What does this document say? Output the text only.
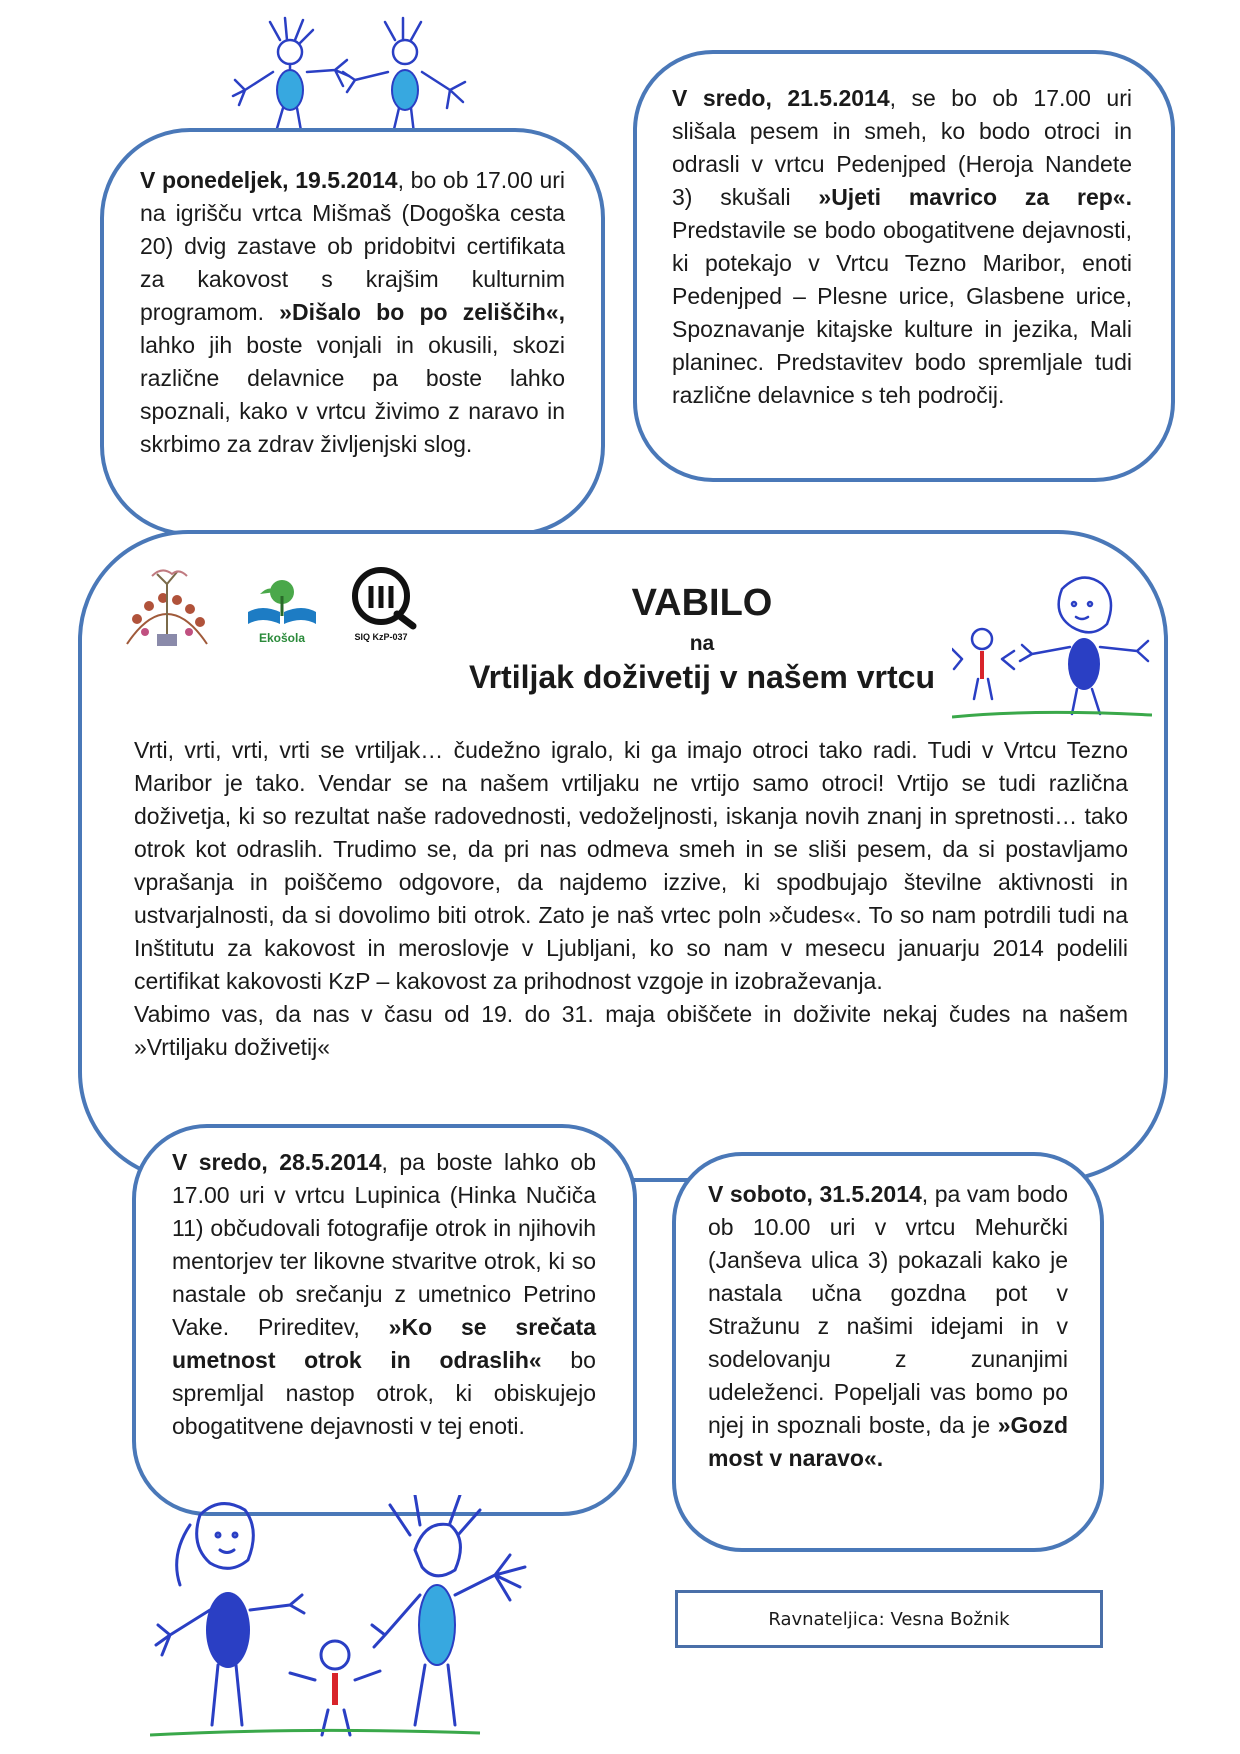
V ponedeljek, 19.5.2014, bo ob 17.00 uri na igrišču vrtca Mišmaš (Dogoška cesta 20) dvig zastave ob pridobitvi certifikata za kakovost s krajšim kulturnim programom. »Dišalo bo po zeliščih«, lahko jih boste vonjali in okusili, skozi različne delavnice pa boste lahko spoznali, kako v vrtcu živimo z naravo in skrbimo za zdrav življenjski slog.
V sredo, 21.5.2014, se bo ob 17.00 uri slišala pesem in smeh, ko bodo otroci in odrasli v vrtcu Pedenjped (Heroja Nandete 3) skušali »Ujeti mavrico za rep«. Predstavile se bodo obogatitvene dejavnosti, ki potekajo v Vrtcu Tezno Maribor, enoti Pedenjped – Plesne urice, Glasbene urice, Spoznavanje kitajske kulture in jezika, Mali planinec. Predstavitev bodo spremljale tudi različne delavnice s teh področij.
Ekošola	SIQ KzP-037
VABILO
na
Vrtiljak doživetij v našem vrtcu
Vrti, vrti, vrti, vrti se vrtiljak… čudežno igralo, ki ga imajo otroci tako radi. Tudi v Vrtcu Tezno Maribor je tako. Vendar se na našem vrtiljaku ne vrtijo samo otroci! Vrtijo se tudi različna doživetja, ki so rezultat naše radovednosti, vedoželjnosti, iskanja novih znanj in spretnosti… tako otrok kot odraslih. Trudimo se, da pri nas odmeva smeh in se sliši pesem, da si postavljamo vprašanja in poiščemo odgovore, da najdemo izzive, ki spodbujajo številne aktivnosti in ustvarjalnosti, da si dovolimo biti otrok. Zato je naš vrtec poln »čudes«. To so nam potrdili tudi na Inštitutu za kakovost in meroslovje v Ljubljani, ko so nam v mesecu januarju 2014 podelili certifikat kakovosti KzP – kakovost za prihodnost vzgoje in izobraževanja.
Vabimo vas, da nas v času od 19. do 31. maja obiščete in doživite nekaj čudes na našem »Vrtiljaku doživetij«
V sredo, 28.5.2014, pa boste lahko ob 17.00 uri v vrtcu Lupinica (Hinka Nučiča 11) občudovali fotografije otrok in njihovih mentorjev ter likovne stvaritve otrok, ki so nastale ob srečanju z umetnico Petrino Vake. Prireditev, »Ko se srečata umetnost otrok in odraslih« bo spremljal nastop otrok, ki obiskujejo obogatitvene dejavnosti v tej enoti.
V soboto, 31.5.2014, pa vam bodo ob 10.00 uri v vrtcu Mehurčki (Janševa ulica 3) pokazali kako je nastala učna gozdna pot v Stražunu z našimi idejami in v sodelovanju z zunanjimi udeleženci. Popeljali vas bomo po njej in spoznali boste, da je »Gozd most v naravo«.
Ravnateljica: Vesna Božnik
